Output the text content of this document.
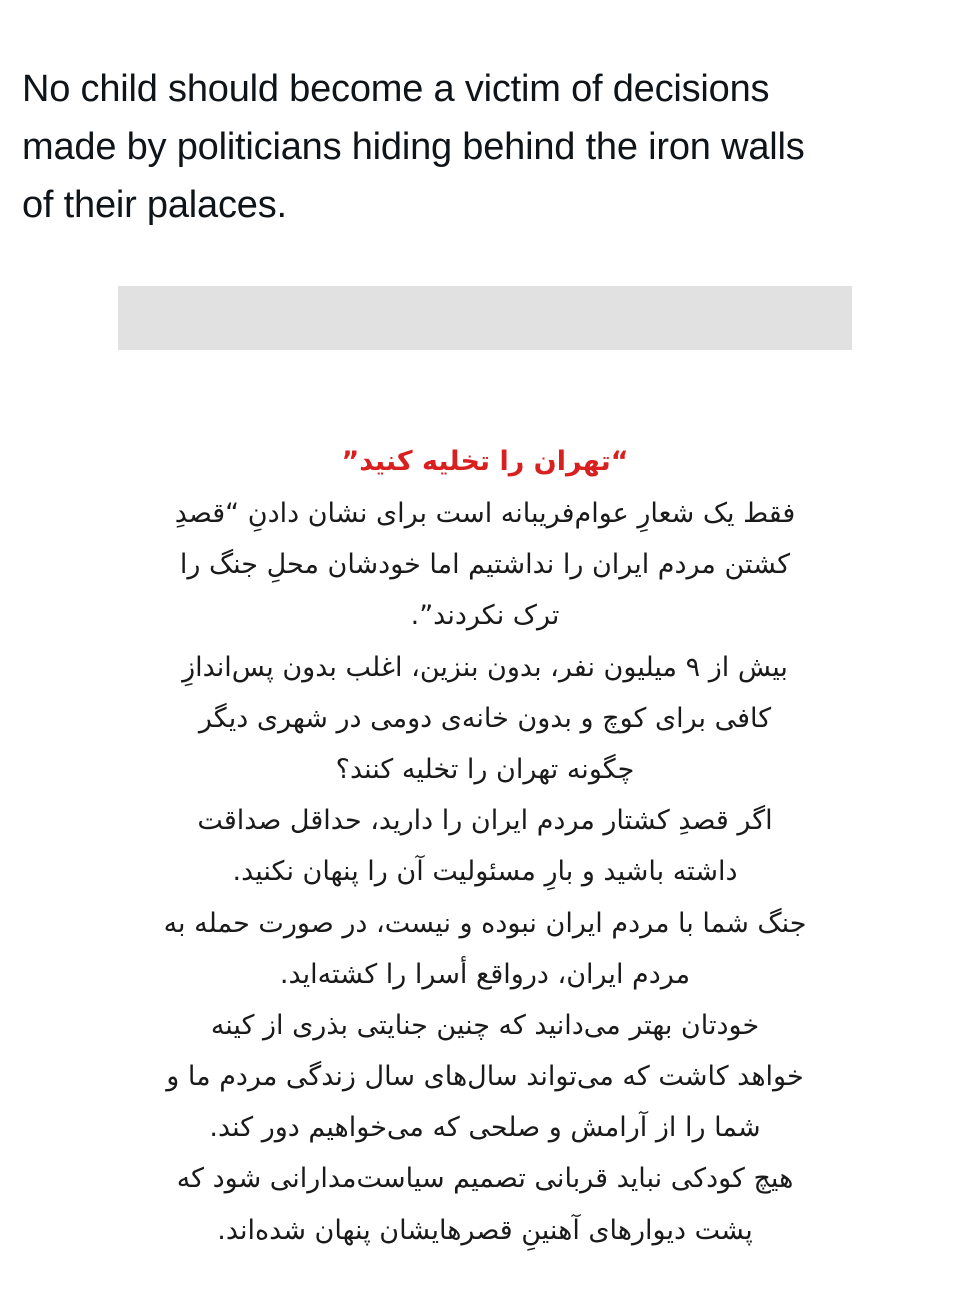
No child should become a victim of decisions
made by politicians hiding behind the iron walls
of their palaces.
“تهران را تخلیه کنید”
فقط یک شعارِ عوام‌فریبانه است برای نشان دادنِ “قصدِ
کشتن مردم ایران را نداشتیم اما خودشان محلِ جنگ را
ترک نکردند”.
بیش از ۹ میلیون نفر، بدون بنزین، اغلب بدون پس‌اندازِ
کافی برای کوچ و بدون خانه‌ی دومی در شهری دیگر
چگونه تهران را تخلیه کنند؟
اگر قصدِ کشتار مردم ایران را دارید، حداقل صداقت
داشته باشید و بارِ مسئولیت آن را پنهان نکنید.
جنگ شما با مردم ایران نبوده و نیست، در صورت حمله به
مردم ایران، درواقع أسرا را کشته‌اید.
خودتان بهتر می‌دانید که چنین جنایتی بذری از کینه
خواهد کاشت که می‌تواند سال‌های سال زندگی مردم ما و
شما را از آرامش و صلحی که می‌خواهیم دور کند.
هیچ کودکی نباید قربانی تصمیم سیاست‌مدارانی شود که
پشت دیوارهای آهنینِ قصرهایشان پنهان شده‌اند.
